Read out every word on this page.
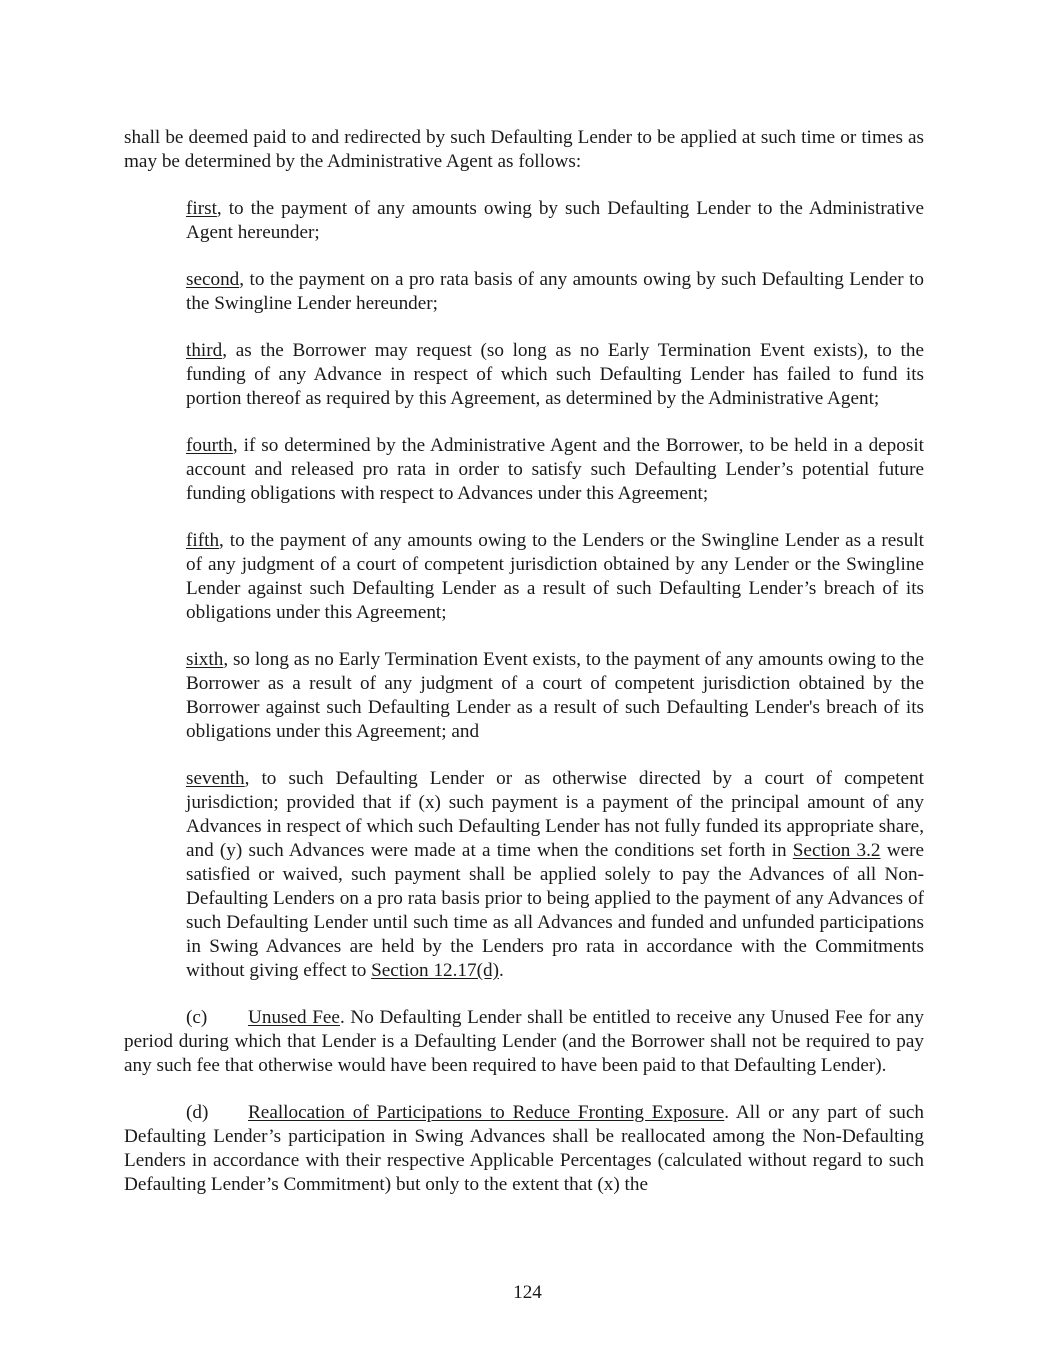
shall be deemed paid to and redirected by such Defaulting Lender to be applied at such time or times as may be determined by the Administrative Agent as follows:

first, to the payment of any amounts owing by such Defaulting Lender to the Administrative Agent hereunder;

second, to the payment on a pro rata basis of any amounts owing by such Defaulting Lender to the Swingline Lender hereunder;

third, as the Borrower may request (so long as no Early Termination Event exists), to the funding of any Advance in respect of which such Defaulting Lender has failed to fund its portion thereof as required by this Agreement, as determined by the Administrative Agent;

fourth, if so determined by the Administrative Agent and the Borrower, to be held in a deposit account and released pro rata in order to satisfy such Defaulting Lender’s potential future funding obligations with respect to Advances under this Agreement;

fifth, to the payment of any amounts owing to the Lenders or the Swingline Lender as a result of any judgment of a court of competent jurisdiction obtained by any Lender or the Swingline Lender against such Defaulting Lender as a result of such Defaulting Lender’s breach of its obligations under this Agreement;

sixth, so long as no Early Termination Event exists, to the payment of any amounts owing to the Borrower as a result of any judgment of a court of competent jurisdiction obtained by the Borrower against such Defaulting Lender as a result of such Defaulting Lender's breach of its obligations under this Agreement; and

seventh, to such Defaulting Lender or as otherwise directed by a court of competent jurisdiction; provided that if (x) such payment is a payment of the principal amount of any Advances in respect of which such Defaulting Lender has not fully funded its appropriate share, and (y) such Advances were made at a time when the conditions set forth in Section 3.2 were satisfied or waived, such payment shall be applied solely to pay the Advances of all Non-Defaulting Lenders on a pro rata basis prior to being applied to the payment of any Advances of such Defaulting Lender until such time as all Advances and funded and unfunded participations in Swing Advances are held by the Lenders pro rata in accordance with the Commitments without giving effect to Section 12.17(d).

(c) Unused Fee. No Defaulting Lender shall be entitled to receive any Unused Fee for any period during which that Lender is a Defaulting Lender (and the Borrower shall not be required to pay any such fee that otherwise would have been required to have been paid to that Defaulting Lender).

(d) Reallocation of Participations to Reduce Fronting Exposure. All or any part of such Defaulting Lender’s participation in Swing Advances shall be reallocated among the Non-Defaulting Lenders in accordance with their respective Applicable Percentages (calculated without regard to such Defaulting Lender’s Commitment) but only to the extent that (x) the

124
